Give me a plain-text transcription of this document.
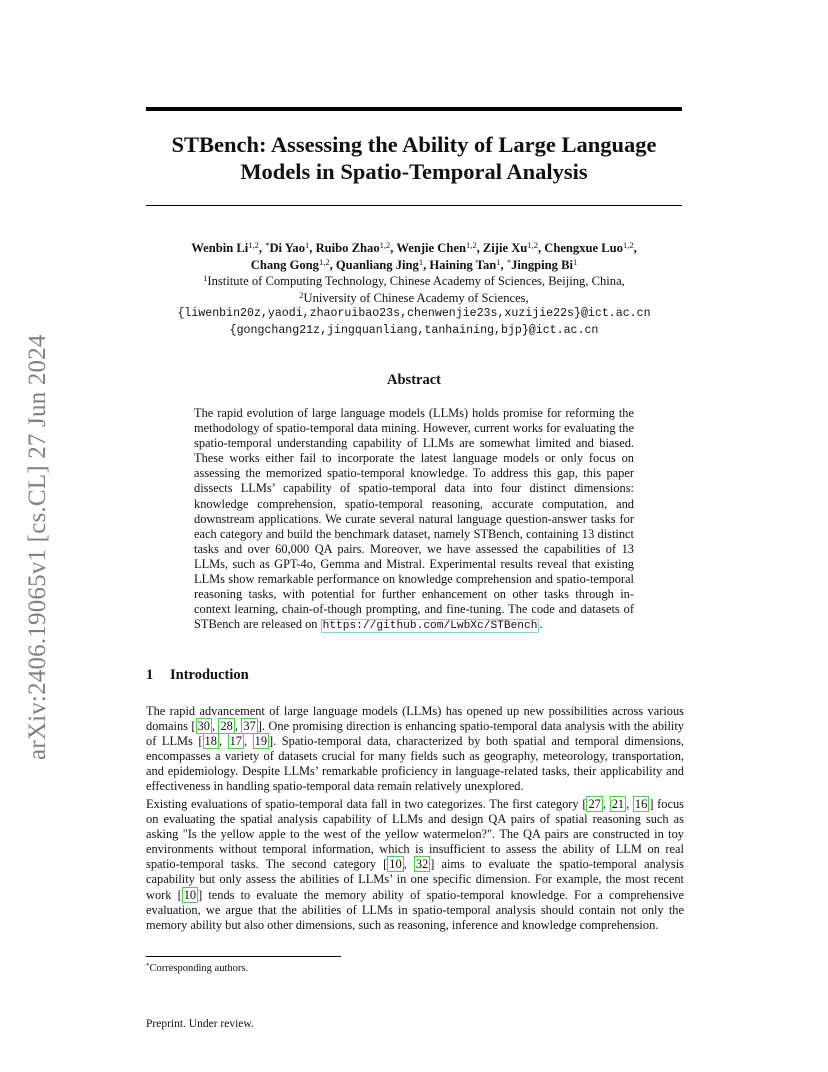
arXiv:2406.19065v1 [cs.CL] 27 Jun 2024
STBench: Assessing the Ability of Large Language Models in Spatio-Temporal Analysis
Wenbin Li$^{1,2}$, *Di Yao$^1$, Ruibo Zhao$^{1,2}$, Wenjie Chen$^{1,2}$, Zijie Xu$^{1,2}$, Chengxue Luo$^{1,2}$,
Chang Gong$^{1,2}$, Quanliang Jing$^1$, Haining Tan$^1$, *Jingping Bi$^1$
$^1$Institute of Computing Technology, Chinese Academy of Sciences, Beijing, China,
$^2$University of Chinese Academy of Sciences,
{liwenbin20z,yaodi,zhaoruibao23s,chenwenjie23s,xuzijie22s}@ict.ac.cn
{gongchang21z,jingquanliang,tanhaining,bjp}@ict.ac.cn
Abstract
The rapid evolution of large language models (LLMs) holds promise for reforming the methodology of spatio-temporal data mining. However, current works for evaluating the spatio-temporal understanding capability of LLMs are somewhat limited and biased. These works either fail to incorporate the latest language models or only focus on assessing the memorized spatio-temporal knowledge. To address this gap, this paper dissects LLMs’ capability of spatio-temporal data into four distinct dimensions: knowledge comprehension, spatio-temporal reasoning, accurate computation, and downstream applications. We curate several natural language question-answer tasks for each category and build the benchmark dataset, namely STBench, containing 13 distinct tasks and over 60,000 QA pairs. Moreover, we have assessed the capabilities of 13 LLMs, such as GPT-4o, Gemma and Mistral. Experimental results reveal that existing LLMs show remarkable performance on knowledge comprehension and spatio-temporal reasoning tasks, with potential for further enhancement on other tasks through in-context learning, chain-of-though prompting, and fine-tuning. The code and datasets of STBench are released on https://github.com/LwbXc/STBench .
1 Introduction
The rapid advancement of large language models (LLMs) has opened up new possibilities across various domains [ 30 , 28 , 37 ]. One promising direction is enhancing spatio-temporal data analysis with the ability of LLMs [ 18 , 17 , 19 ]. Spatio-temporal data, characterized by both spatial and temporal dimensions, encompasses a variety of datasets crucial for many fields such as geography, meteorology, transportation, and epidemiology. Despite LLMs’ remarkable proficiency in language-related tasks, their applicability and effectiveness in handling spatio-temporal data remain relatively unexplored.
Existing evaluations of spatio-temporal data fall in two categorizes. The first category [ 27 , 21 , 16 ] focus on evaluating the spatial analysis capability of LLMs and design QA pairs of spatial reasoning such as asking "Is the yellow apple to the west of the yellow watermelon?". The QA pairs are constructed in toy environments without temporal information, which is insufficient to assess the ability of LLM on real spatio-temporal tasks. The second category [ 10 , 32 ] aims to evaluate the spatio-temporal analysis capability but only assess the abilities of LLMs’ in one specific dimension. For example, the most recent work [ 10 ] tends to evaluate the memory ability of spatio-temporal knowledge. For a comprehensive evaluation, we argue that the abilities of LLMs in spatio-temporal analysis should contain not only the memory ability but also other dimensions, such as reasoning, inference and knowledge comprehension.
*Corresponding authors.
Preprint. Under review.
